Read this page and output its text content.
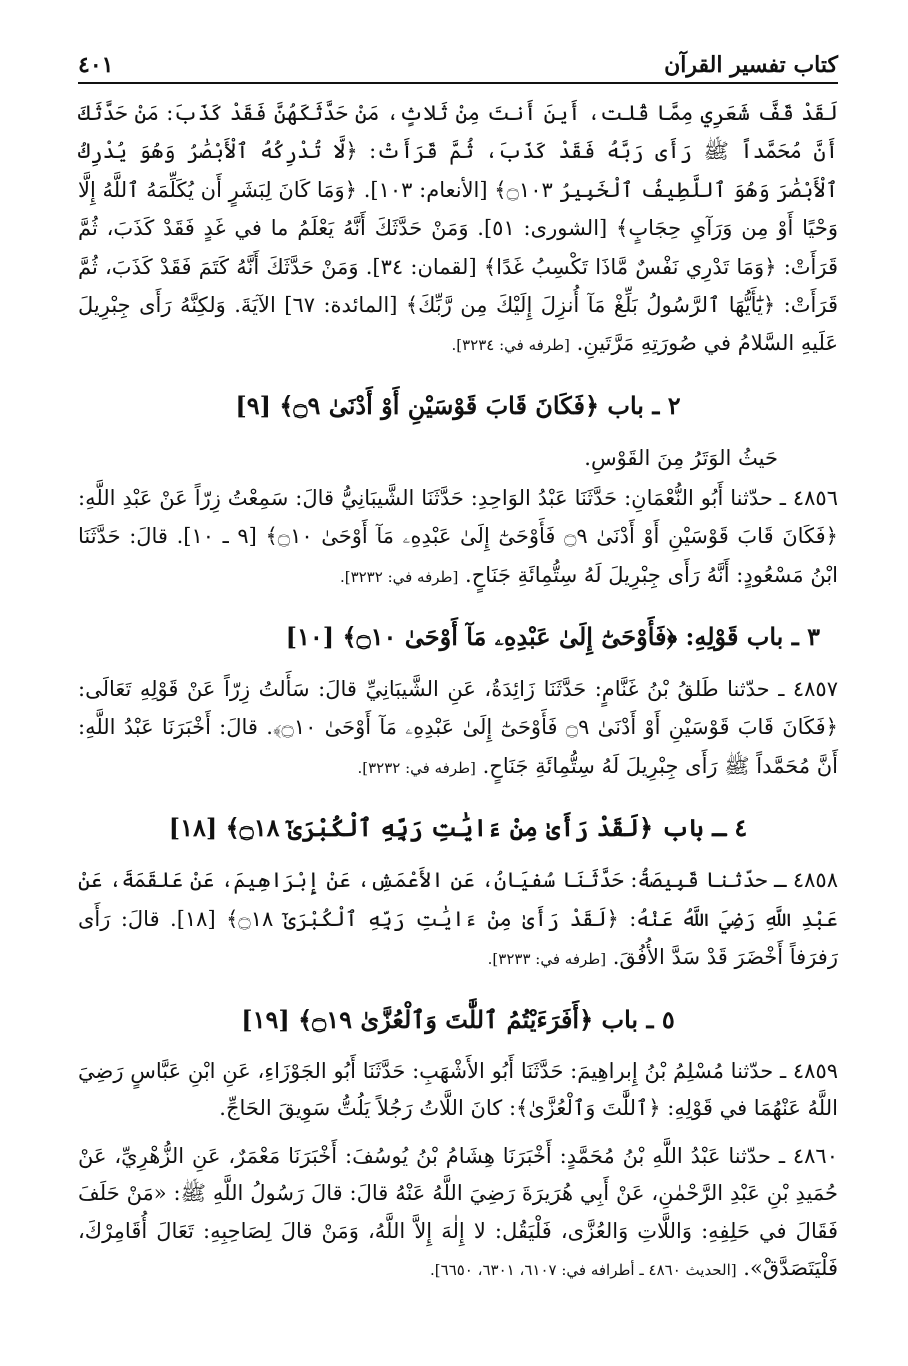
كتاب تفسير القرآن
٤٠١

لَقَدْ قَفَّ شَعَرِي مِمَّا قُلت، أَينَ أَنتَ مِنْ ثَلاثٍ، مَنْ حَدَّثَكَهُنَّ فَقَدْ كَذَبَ: مَنْ حَدَّثَكَ أَنَّ مُحَمَّداً ﷺ رَأَى رَبَّهُ فَقَدْ كَذَبَ، ثُمَّ قَرَأَتْ: ﴿لَّا تُدْرِكُهُ ٱلْأَبْصَٰرُ وَهُوَ يُدْرِكُ ٱلْأَبْصَٰرَ وَهُوَ ٱللَّطِيفُ ٱلْخَبِيرُ ۝١٠٣﴾ [الأنعام: ١٠٣]. ﴿وَمَا كَانَ لِبَشَرٍ أَن يُكَلِّمَهُ ٱللَّهُ إِلَّا وَحْيًا أَوْ مِن وَرَآيِ حِجَابٍ﴾ [الشورى: ٥١]. وَمَنْ حَدَّثَكَ أَنَّهُ يَعْلَمُ ما في غَدٍ فَقَدْ كَذَبَ، ثُمَّ قَرَأَتْ: ﴿وَمَا تَدْرِي نَفْسٌ مَّاذَا تَكْسِبُ غَدًا﴾ [لقمان: ٣٤]. وَمَنْ حَدَّثَكَ أَنَّهُ كَتَمَ فَقَدْ كَذَبَ، ثُمَّ قَرَأَتْ: ﴿يَٰٓأَيُّهَا ٱلرَّسُولُ بَلِّغْ مَآ أُنزِلَ إِلَيْكَ مِن رَّبِّكَ﴾ [المائدة: ٦٧] الآيَةَ. وَلكِنَّهُ رَأَى جِبْرِيلَ عَلَيهِ السَّلامُ في صُورَتِهِ مَرَّتَينِ. [طرفه في: ٣٢٣٤].

٢ ـ باب ﴿فَكَانَ قَابَ قَوْسَيْنِ أَوْ أَدْنَىٰ ۝٩﴾ [٩]

حَيثُ الوَتَرُ مِنَ القَوْسِ.

٤٨٥٦ ـ حدّثنا أَبُو النُّعْمَانِ: حَدَّثَنَا عَبْدُ الوَاحِدِ: حَدَّثَنَا الشَّيبَانِيُّ قالَ: سَمِعْتُ زِرّاً عَنْ عَبْدِ اللَّهِ: ﴿فَكَانَ قَابَ قَوْسَيْنِ أَوْ أَدْنَىٰ ۝٩ فَأَوْحَىٰٓ إِلَىٰ عَبْدِهِۦ مَآ أَوْحَىٰ ۝١٠﴾ [٩ ـ ١٠]. قالَ: حَدَّثَنَا ابْنُ مَسْعُودٍ: أَنَّهُ رَأَى جِبْرِيلَ لَهُ سِتُّمِائَةِ جَنَاحٍ. [طرفه في: ٣٢٣٢].

٣ ـ باب قَوْلِهِ: ﴿فَأَوْحَىٰٓ إِلَىٰ عَبْدِهِۦ مَآ أَوْحَىٰ ۝١٠﴾ [١٠]

٤٨٥٧ ـ حدّثنا طَلقُ بْنُ غَنَّامٍ: حَدَّثَنَا زَائِدَةُ، عَنِ الشَّيبَانِيِّ قالَ: سَأَلتُ زِرّاً عَنْ قَوْلِهِ تَعَالَى: ﴿فَكَانَ قَابَ قَوْسَيْنِ أَوْ أَدْنَىٰ ۝٩ فَأَوْحَىٰٓ إِلَىٰ عَبْدِهِۦ مَآ أَوْحَىٰ ۝١٠﴾. قالَ: أَخْبَرَنَا عَبْدُ اللَّهِ: أَنَّ مُحَمَّداً ﷺ رَأَى جِبْرِيلَ لَهُ سِتُّمِائَةِ جَنَاحٍ. [طرفه في: ٣٢٣٢].

٤ ـ باب ﴿لَقَدْ رَأَىٰ مِنْ ءَايَٰتِ رَبِّهِ ٱلْكُبْرَىٰٓ ۝١٨﴾ [١٨]

٤٨٥٨ ـ حدّثنا قَبِيصَةُ: حَدَّثَنَا سُفيَانُ، عَنِ الأَعْمَشِ، عَنْ إِبْرَاهِيمَ، عَنْ عَلقَمَةَ، عَنْ عَبْدِ اللَّهِ رَضِيَ اللَّهُ عَنْهُ: ﴿لَقَدْ رَأَىٰ مِنْ ءَايَٰتِ رَبِّهِ ٱلْكُبْرَىٰٓ ۝١٨﴾ [١٨]. قالَ: رَأَى رَفرَفاً أَخْضَرَ قَدْ سَدَّ الأُفُقَ. [طرفه في: ٣٢٣٣].

٥ ـ باب ﴿أَفَرَءَيْتُمُ ٱللَّٰتَ وَٱلْعُزَّىٰ ۝١٩﴾ [١٩]

٤٨٥٩ ـ حدّثنا مُسْلِمُ بْنُ إِبراهِيمَ: حَدَّثَنَا أَبُو الأَشْهَبِ: حَدَّثَنَا أَبُو الجَوْزَاءِ، عَنِ ابْنِ عَبَّاسٍ رَضِيَ اللَّهُ عَنْهُمَا في قَوْلِهِ: ﴿ٱللَّٰتَ وَٱلْعُزَّىٰ﴾: كانَ اللَّاتُ رَجُلاً يَلُتُّ سَوِيقَ الحَاجِّ.

٤٨٦٠ ـ حدّثنا عَبْدُ اللَّهِ بْنُ مُحَمَّدٍ: أَخْبَرَنَا هِشَامُ بْنُ يُوسُفَ: أَخْبَرَنَا مَعْمَرٌ، عَنِ الزُّهْرِيِّ، عَنْ حُمَيدِ بْنِ عَبْدِ الرَّحْمٰنِ، عَنْ أَبِي هُرَيرَةَ رَضِيَ اللَّهُ عَنْهُ قالَ: قالَ رَسُولُ اللَّهِ ﷺ: «مَنْ حَلَفَ فَقَالَ في حَلِفِهِ: وَاللَّاتِ وَالعُزَّى، فَلْيَقُل: لا إِلٰهَ إِلاَّ اللَّهُ، وَمَنْ قالَ لِصَاحِبِهِ: تَعَالَ أُقَامِرْكَ، فَلْيَتَصَدَّقْ». [الحديث ٤٨٦٠ ـ أطرافه في: ٦١٠٧، ٦٣٠١، ٦٦٥٠].
